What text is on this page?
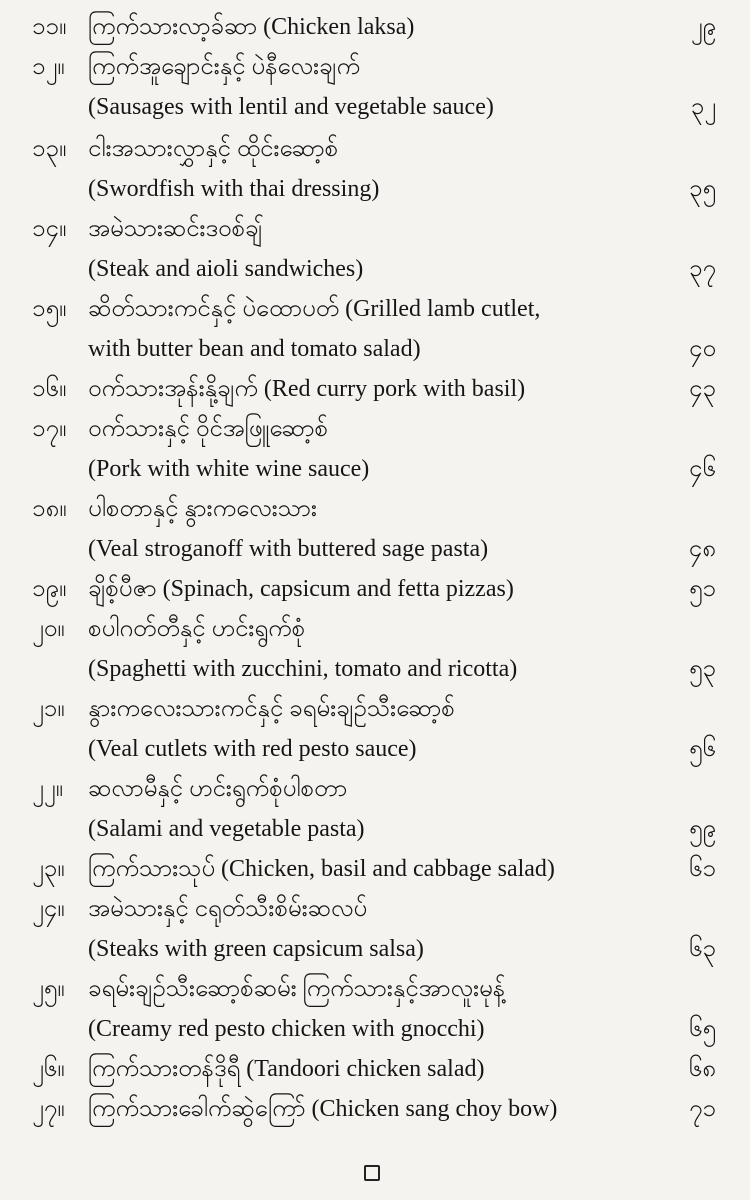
၁၁။ ကြက်သားလာ့ခ်ဆာ (Chicken laksa)	၂၉
၁၂။ ကြက်အူချောင်းနှင့် ပဲနီလေးချက်
(Sausages with lentil and vegetable sauce)	၃၂
၁၃။ ငါးအသားလွှာနှင့် ထိုင်းဆော့စ်
(Swordfish with thai dressing)	၃၅
၁၄။ အမဲသားဆင်းဒဝစ်ချ်
(Steak and aioli sandwiches)	၃၇
၁၅။ ဆိတ်သားကင်နှင့် ပဲထောပတ် (Grilled lamb cutlet,
with butter bean and tomato salad)	၄၀
၁၆။ ဝက်သားအုန်းနို့ချက် (Red curry pork with basil)	၄၃
၁၇။ ဝက်သားနှင့် ဝိုင်အဖြူဆော့စ်
(Pork with white wine sauce)	၄၆
၁၈။ ပါစတာနှင့် နွားကလေးသား
(Veal stroganoff with buttered sage pasta)	၄၈
၁၉။ ချိစ့်ပီဇာ (Spinach, capsicum and fetta pizzas)	၅၁
၂၀။ စပါဂတ်တီနှင့် ဟင်းရွက်စုံ
(Spaghetti with zucchini, tomato and ricotta)	၅၃
၂၁။ နွားကလေးသားကင်နှင့် ခရမ်းချဉ်သီးဆော့စ်
(Veal cutlets with red pesto sauce)	၅၆
၂၂။	ဆလာမီနှင့် ဟင်းရွက်စုံပါစတာ
(Salami and vegetable pasta)	၅၉
၂၃။ ကြက်သားသုပ် (Chicken, basil and cabbage salad)	၆၁
၂၄။ အမဲသားနှင့် ငရုတ်သီးစိမ်းဆလပ်
(Steaks with green capsicum salsa)	၆၃
၂၅။ ခရမ်းချဉ်သီးဆော့စ်ဆမ်း ကြက်သားနှင့်အာလူးမုန့်
(Creamy red pesto chicken with gnocchi)	၆၅
၂၆။ ကြက်သားတန်ဒိုရီ (Tandoori chicken salad)	၆၈
၂၇။ ကြက်သားခေါက်ဆွဲကြော် (Chicken sang choy bow)	၇၁
